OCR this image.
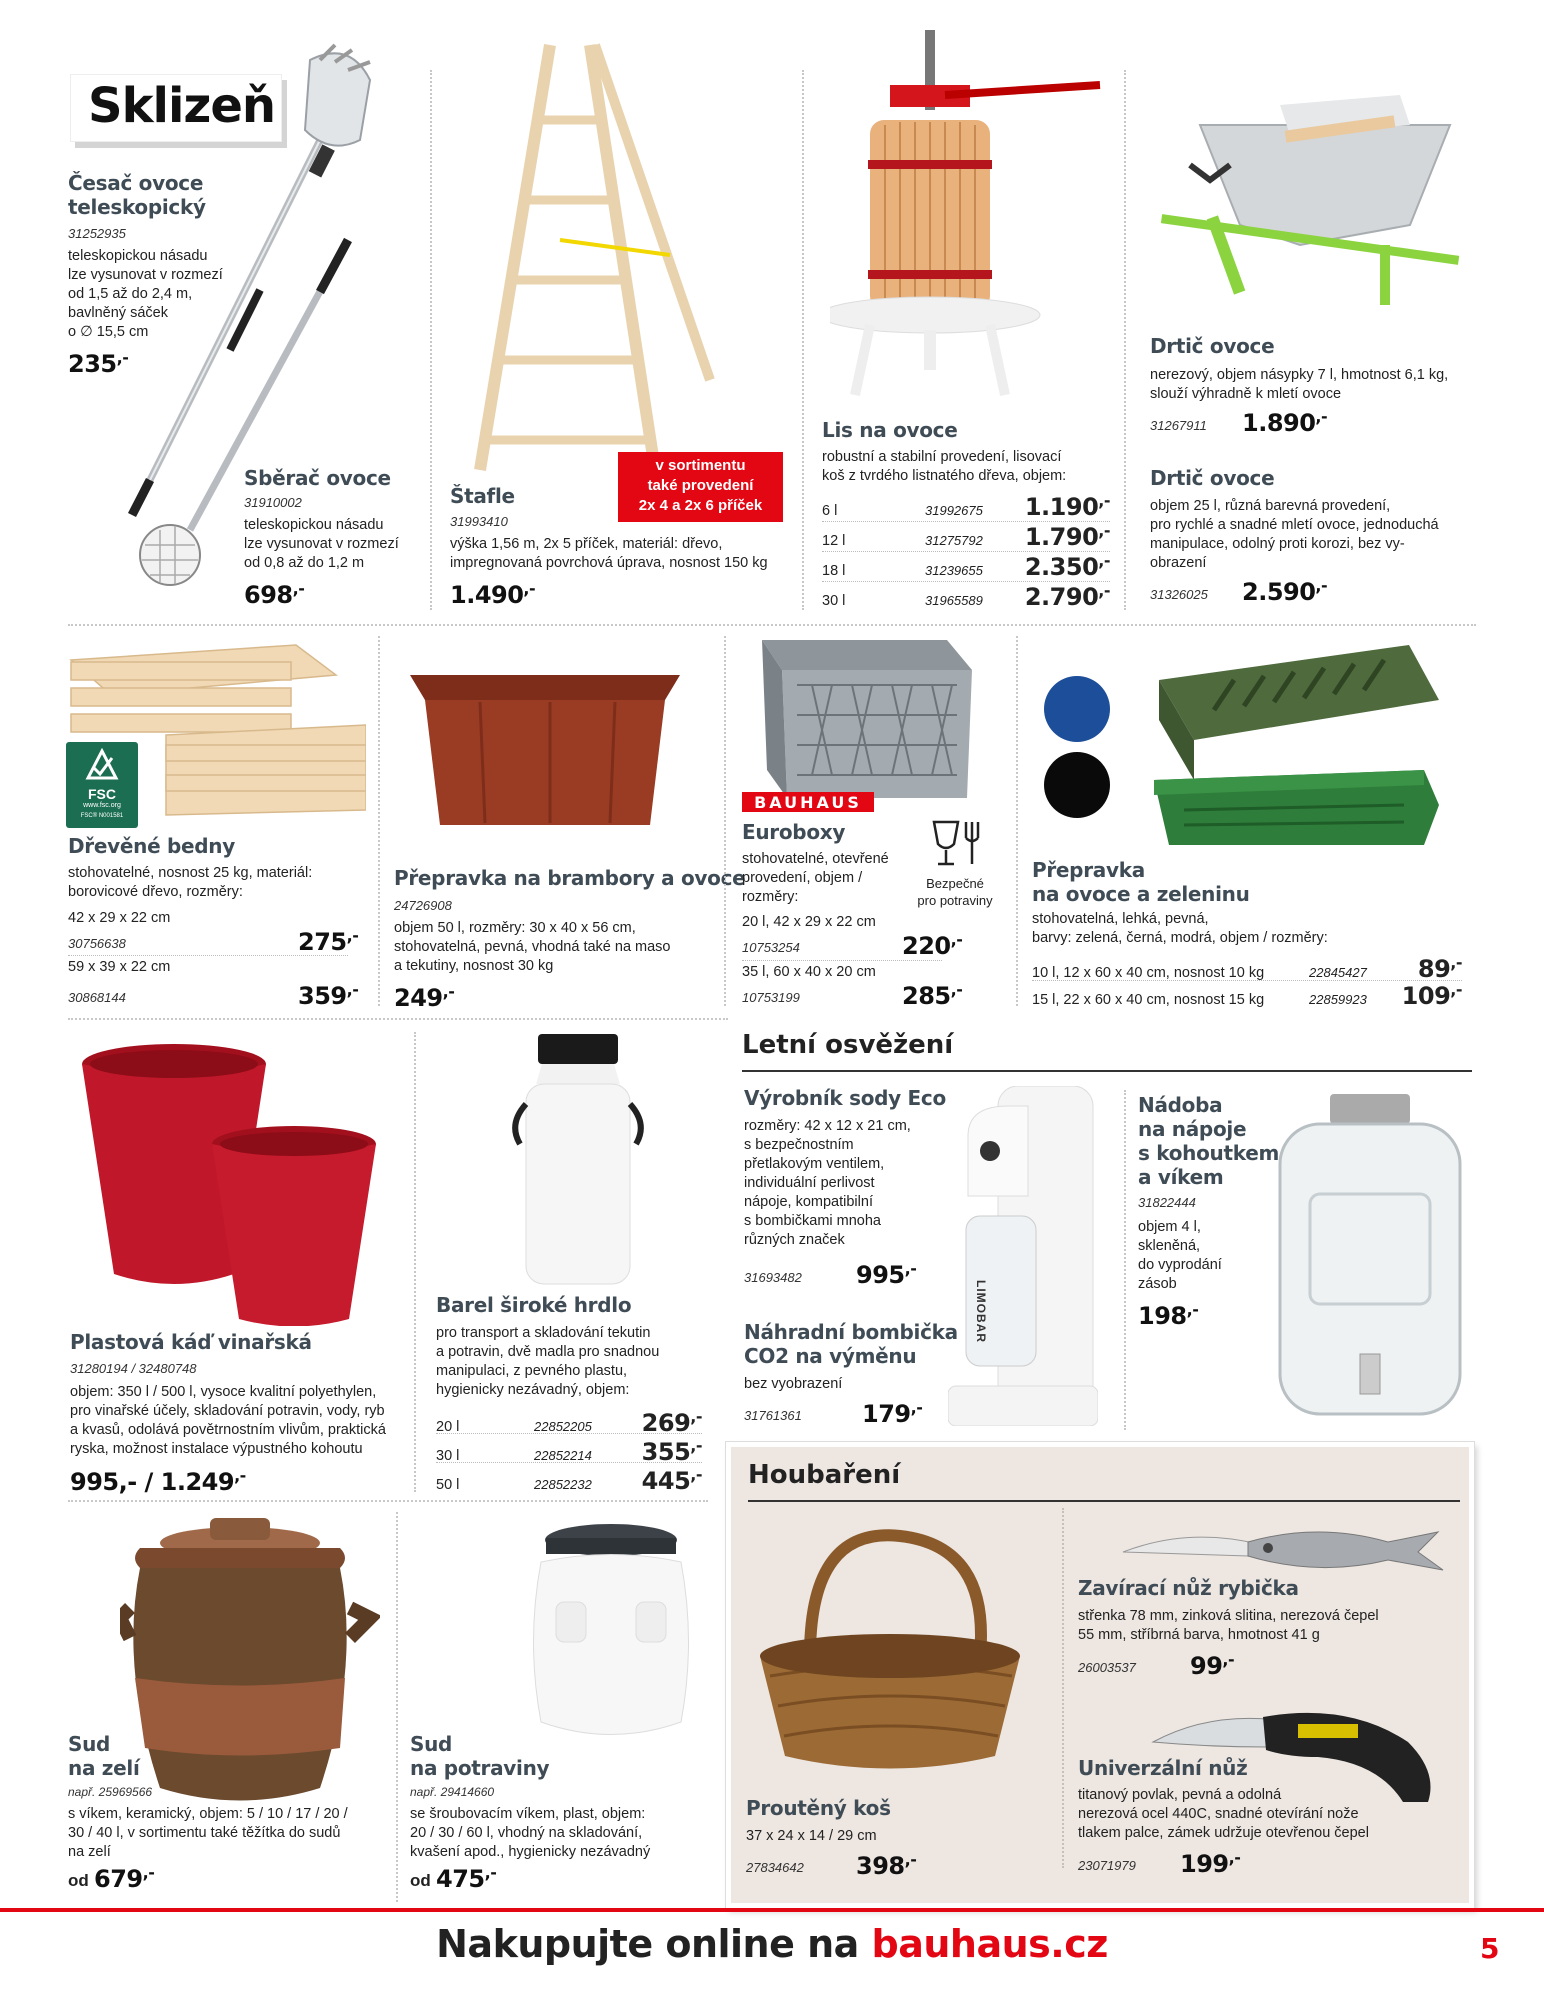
Sklizeň
Česač ovoce
teleskopický
31252935
teleskopickou násadu
lze vysunovat v rozmezí
od 1,5 až do 2,4 m,
bavlněný sáček
o ∅ 15,5 cm
235 ,-
Sběrač ovoce
31910002
teleskopickou násadu
lze vysunovat v rozmezí
od 0,8 až do 1,2 m
698 ,-
v sortimentu
také provedení
2x 4 a 2x 6 příček
Štafle
31993410
výška 1,56 m, 2x 5 příček, materiál: dřevo,
impregnovaná povrchová úprava, nosnost 150 kg
1.490 ,-
Lis na ovoce
robustní a stabilní provedení, lisovací
koš z tvrdého listnatého dřeva, objem:
6 l	31992675	1.190 ,-
12 l	31275792	1.790 ,-
18 l	31239655	2.350 ,-
30 l	31965589	2.790 ,-
Drtič ovoce
nerezový, objem násypky 7 l, hmotnost 6,1 kg,
slouží výhradně k mletí ovoce
31267911 1.890 ,-
Drtič ovoce
objem 25 l, různá barevná provedení,
pro rychlé a snadné mletí ovoce, jednoduchá
manipulace, odolný proti korozi, bez vy-
obrazení
31326025 2.590 ,-
FSC
www.fsc.org
FSC® N001581
Dřevěné bedny
stohovatelné, nosnost 25 kg, materiál:
borovicové dřevo, rozměry:
42 x 29 x 22 cm
30756638	275 ,-
59 x 39 x 22 cm
30868144	359 ,-
Přepravka na brambory a ovoce
24726908
objem 50 l, rozměry: 30 x 40 x 56 cm,
stohovatelná, pevná, vhodná také na maso
a tekutiny, nosnost 30 kg
249 ,-
BAUHAUS
Euroboxy
Bezpečné
pro potraviny
stohovatelné, otevřené
provedení, objem /
rozměry:
20 l, 42 x 29 x 22 cm
10753254	220 ,-
35 l, 60 x 40 x 20 cm
10753199	285 ,-
Přepravka
na ovoce a zeleninu
stohovatelná, lehká, pevná,
barvy: zelená, černá, modrá, objem / rozměry:
10 l, 12 x 60 x 40 cm, nosnost 10 kg	22845427	89 ,-
15 l, 22 x 60 x 40 cm, nosnost 15 kg	22859923	109 ,-
Plastová káď vinařská
31280194 / 32480748
objem: 350 l / 500 l, vysoce kvalitní polyethylen,
pro vinařské účely, skladování potravin, vody, ryb
a kvasů, odolává povětrnostním vlivům, praktická
ryska, možnost instalace výpustného kohoutu
995,- / 1.249 ,-
Barel široké hrdlo
pro transport a skladování tekutin
a potravin, dvě madla pro snadnou
manipulaci, z pevného plastu,
hygienicky nezávadný, objem:
20 l	22852205	269 ,-
30 l	22852214	355 ,-
50 l	22852232	445 ,-
Letní osvěžení
Výrobník sody Eco
rozměry: 42 x 12 x 21 cm,
s bezpečnostním
přetlakovým ventilem,
individuální perlivost
nápoje, kompatibilní
s bombičkami mnoha
různých značek
31693482 995 ,-
LIMOBAR
Náhradní bombička
CO2 na výměnu
bez vyobrazení
31761361	179 ,-
Nádoba
na nápoje
s kohoutkem
a víkem
31822444
objem 4 l,
skleněná,
do vyprodání
zásob
198 ,-
Sud
na zelí
např. 25969566
s víkem, keramický, objem: 5 / 10 / 17 / 20 /
30 / 40 l, v sortimentu také těžítka do sudů
na zelí
od 679 ,-
Sud
na potraviny
např. 29414660
se šroubovacím víkem, plast, objem:
20 / 30 / 60 l, vhodný na skladování,
kvašení apod., hygienicky nezávadný
od 475 ,-
Houbaření
Proutěný koš
37 x 24 x 14 / 29 cm
27834642 398 ,-
Zavírací nůž rybička
střenka 78 mm, zinková slitina, nerezová čepel
55 mm, stříbrná barva, hmotnost 41 g
26003537 99 ,-
Univerzální nůž
titanový povlak, pevná a odolná
nerezová ocel 440C, snadné otevírání nože
tlakem palce, zámek udržuje otevřenou čepel
23071979 199 ,-
Nakupujte online na bauhaus.cz	5
